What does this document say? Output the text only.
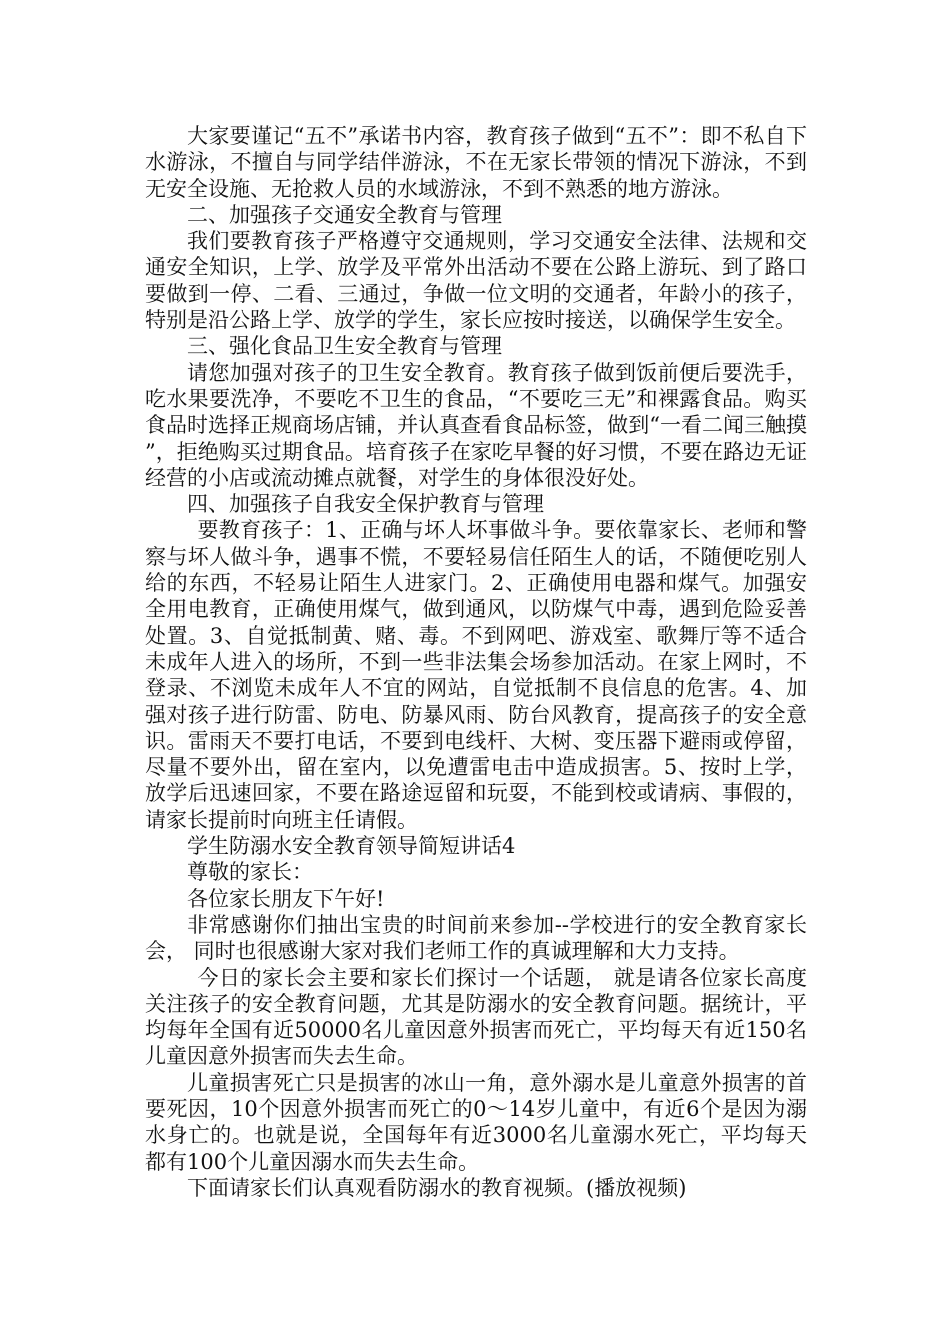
大家要谨记“五不”承诺书内容，教育孩子做到“五不”：即不私自下水游泳，不擅自与同学结伴游泳，不在无家长带领的情况下游泳，不到无安全设施、无抢救人员的水域游泳，不到不熟悉的地方游泳。

二、加强孩子交通安全教育与管理

我们要教育孩子严格遵守交通规则，学习交通安全法律、法规和交通安全知识，上学、放学及平常外出活动不要在公路上游玩、到了路口要做到一停、二看、三通过，争做一位文明的交通者，年龄小的孩子，特别是沿公路上学、放学的学生，家长应按时接送，以确保学生安全。

三、强化食品卫生安全教育与管理

请您加强对孩子的卫生安全教育。教育孩子做到饭前便后要洗手，吃水果要洗净，不要吃不卫生的食品，“不要吃三无”和裸露食品。购买食品时选择正规商场店铺，并认真查看食品标签，做到“一看二闻三触摸”，拒绝购买过期食品。培育孩子在家吃早餐的好习惯，不要在路边无证经营的小店或流动摊点就餐，对学生的身体很没好处。

四、加强孩子自我安全保护教育与管理

要教育孩子：1、正确与坏人坏事做斗争。要依靠家长、老师和警察与坏人做斗争，遇事不慌，不要轻易信任陌生人的话，不随便吃别人给的东西，不轻易让陌生人进家门。2、正确使用电器和煤气。加强安全用电教育，正确使用煤气，做到通风，以防煤气中毒，遇到危险妥善处置。3、自觉抵制黄、赌、毒。不到网吧、游戏室、歌舞厅等不适合未成年人进入的场所，不到一些非法集会场参加活动。在家上网时，不登录、不浏览未成年人不宜的网站，自觉抵制不良信息的危害。4、加强对孩子进行防雷、防电、防暴风雨、防台风教育，提高孩子的安全意识。雷雨天不要打电话，不要到电线杆、大树、变压器下避雨或停留，尽量不要外出，留在室内，以免遭雷电击中造成损害。5、按时上学，放学后迅速回家，不要在路途逗留和玩耍，不能到校或请病、事假的，请家长提前时向班主任请假。

学生防溺水安全教育领导简短讲话4

尊敬的家长：

各位家长朋友下午好!

非常感谢你们抽出宝贵的时间前来参加--学校进行的安全教育家长会， 同时也很感谢大家对我们老师工作的真诚理解和大力支持。

今日的家长会主要和家长们探讨一个话题， 就是请各位家长高度关注孩子的安全教育问题，尤其是防溺水的安全教育问题。据统计，平均每年全国有近50000名儿童因意外损害而死亡，平均每天有近150名儿童因意外损害而失去生命。

儿童损害死亡只是损害的冰山一角，意外溺水是儿童意外损害的首要死因，10个因意外损害而死亡的0～14岁儿童中，有近6个是因为溺水身亡的。也就是说，全国每年有近3000名儿童溺水死亡，平均每天都有100个儿童因溺水而失去生命。

下面请家长们认真观看防溺水的教育视频。(播放视频)
